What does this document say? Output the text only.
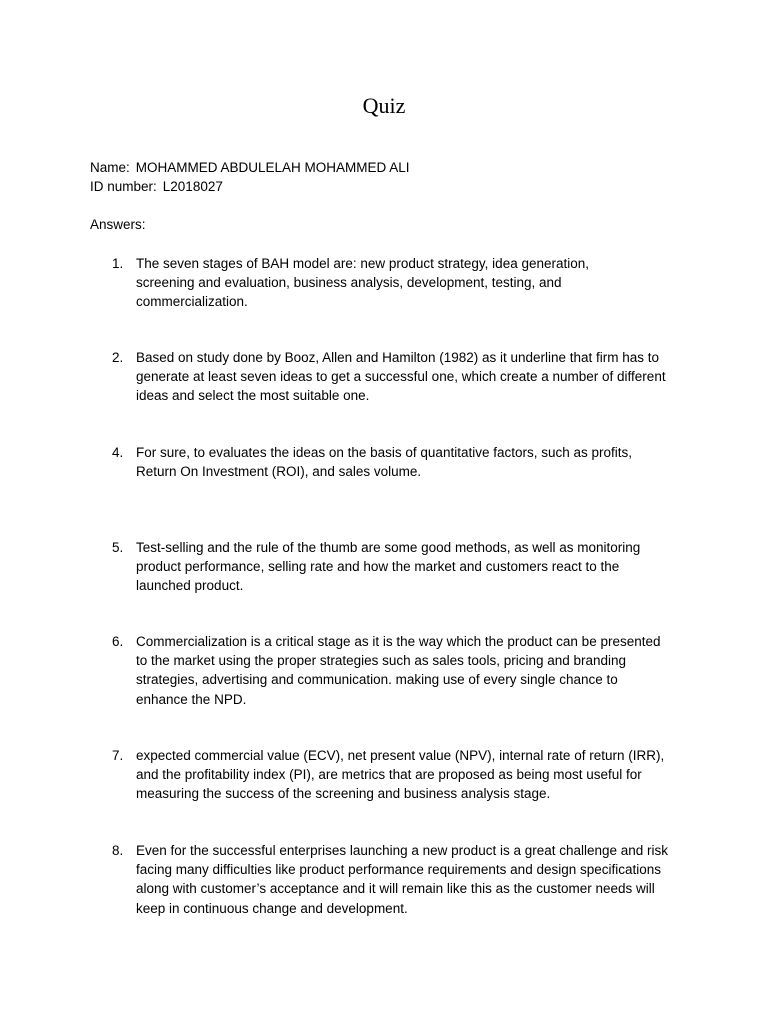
Quiz
Name: MOHAMMED ABDULELAH MOHAMMED ALI
ID number: L2018027
Answers:
1. The seven stages of BAH model are: new product strategy, idea generation,
screening and evaluation, business analysis, development, testing, and
commercialization.
2. Based on study done by Booz, Allen and Hamilton (1982) as it underline that firm has to
generate at least seven ideas to get a successful one, which create a number of different
ideas and select the most suitable one.
4. For sure, to evaluates the ideas on the basis of quantitative factors, such as profits,
Return On Investment (ROI), and sales volume.
5. Test-selling and the rule of the thumb are some good methods, as well as monitoring
product performance, selling rate and how the market and customers react to the
launched product.
6. Commercialization is a critical stage as it is the way which the product can be presented
to the market using the proper strategies such as sales tools, pricing and branding
strategies, advertising and communication. making use of every single chance to
enhance the NPD.
7. expected commercial value (ECV), net present value (NPV), internal rate of return (IRR),
and the profitability index (PI), are metrics that are proposed as being most useful for
measuring the success of the screening and business analysis stage.
8. Even for the successful enterprises launching a new product is a great challenge and risk
facing many difficulties like product performance requirements and design specifications
along with customer’s acceptance and it will remain like this as the customer needs will
keep in continuous change and development.
